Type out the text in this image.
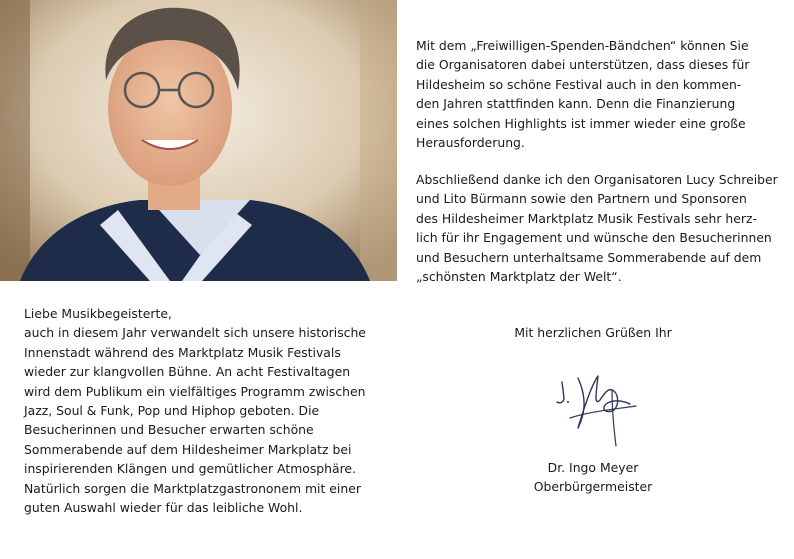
Mit dem „Freiwilligen-Spenden-Bändchen“ können Sie
die Organisatoren dabei unterstützen, dass dieses für
Hildesheim so schöne Festival auch in den kommen-
den Jahren stattfinden kann. Denn die Finanzierung
eines solchen Highlights ist immer wieder eine große
Herausforderung.

Abschließend danke ich den Organisatoren Lucy Schreiber
und Lito Bürmann sowie den Partnern und Sponsoren
des Hildesheimer Marktplatz Musik Festivals sehr herz-
lich für ihr Engagement und wünsche den Besucherinnen
und Besuchern unterhaltsame Sommerabende auf dem
„schönsten Marktplatz der Welt“.

Liebe Musikbegeisterte,
auch in diesem Jahr verwandelt sich unsere historische
Innenstadt während des Marktplatz Musik Festivals
wieder zur klangvollen Bühne. An acht Festivaltagen
wird dem Publikum ein vielfältiges Programm zwischen
Jazz, Soul & Funk, Pop und Hiphop geboten. Die
Besucherinnen und Besucher erwarten schöne
Sommerabende auf dem Hildesheimer Markplatz bei
inspirierenden Klängen und gemütlicher Atmosphäre.
Natürlich sorgen die Marktplatzgastrononem mit einer
guten Auswahl wieder für das leibliche Wohl.

Mit herzlichen Grüßen Ihr
Dr. Ingo Meyer
Oberbürgermeister
